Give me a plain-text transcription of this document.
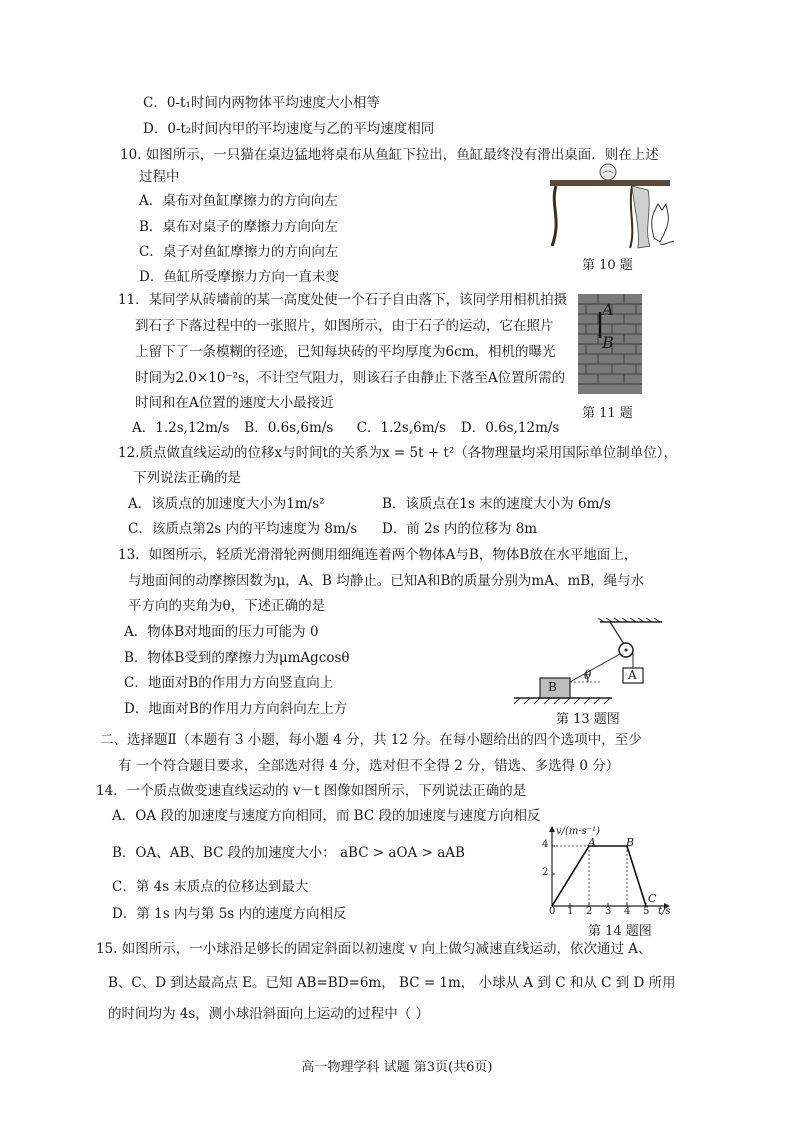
C．0-t₁时间内两物体平均速度大小相等
D．0-t₂时间内甲的平均速度与乙的平均速度相同
10. 如图所示，一只猫在桌边猛地将桌布从鱼缸下拉出，鱼缸最终没有滑出桌面．则在上述
过程中
A．桌布对鱼缸摩擦力的方向向左
B．桌布对桌子的摩擦力方向向左
C．桌子对鱼缸摩擦力的方向向左
D．鱼缸所受摩擦力方向一直未变
第 10 题
11．某同学从砖墙前的某一高度处使一个石子自由落下，该同学用相机拍摄
到石子下落过程中的一张照片，如图所示，由于石子的运动，它在照片
上留下了一条模糊的径迹，已知每块砖的平均厚度为6cm，相机的曝光
时间为2.0×10⁻²s，不计空气阻力，则该石子由静止下落至A位置所需的
时间和在A位置的速度大小最接近
A．1.2s,12m/s B．0.6s,6m/s C．1.2s,6m/s D．0.6s,12m/s
A
B
第 11 题
12.质点做直线运动的位移x与时间t的关系为x = 5t + t²（各物理量均采用国际单位制单位），
下列说法正确的是
A．该质点的加速度大小为1m/s²	B．该质点在1s 末的速度大小为 6m/s
C．该质点第2s 内的平均速度为 8m/s D．前 2s 内的位移为 8m
13．如图所示，轻质光滑滑轮两侧用细绳连着两个物体A与B，物体B放在水平地面上，
与地面间的动摩擦因数为μ，A、B 均静止。已知A和B的质量分别为mA、mB，绳与水
平方向的夹角为θ，下述正确的是
A．物体B对地面的压力可能为 0
B．物体B受到的摩擦力为μmAgcosθ
C．地面对B的作用力方向竖直向上
D．地面对B的作用力方向斜向左上方
A
B
θ
第 13 题图
二、选择题Ⅱ（本题有 3 小题，每小题 4 分，共 12 分。在每小题给出的四个选项中，至少
有 一个符合题目要求，全部选对得 4 分，选对但不全得 2 分，错选、多选得 0 分）
14．一个质点做变速直线运动的 v－t 图像如图所示，下列说法正确的是
A．OA 段的加速度与速度方向相同，而 BC 段的加速度与速度方向相反
B．OA、AB、BC 段的加速度大小： aBC > aOA > aAB
C．第 4s 末质点的位移达到最大
D．第 1s 内与第 5s 内的速度方向相反
v/(m·s⁻¹)
t/s
A	B
C
4
2
0 1 2 3 4 5
第 14 题图
15. 如图所示，一小球沿足够长的固定斜面以初速度 v 向上做匀减速直线运动，依次通过 A、
B、C、D 到达最高点 E。已知 AB=BD=6m， BC = 1m， 小球从 A 到 C 和从 C 到 D 所用
的时间均为 4s，测小球沿斜面向上运动的过程中（ ）
高一物理学科 试题 第3页(共6页)
